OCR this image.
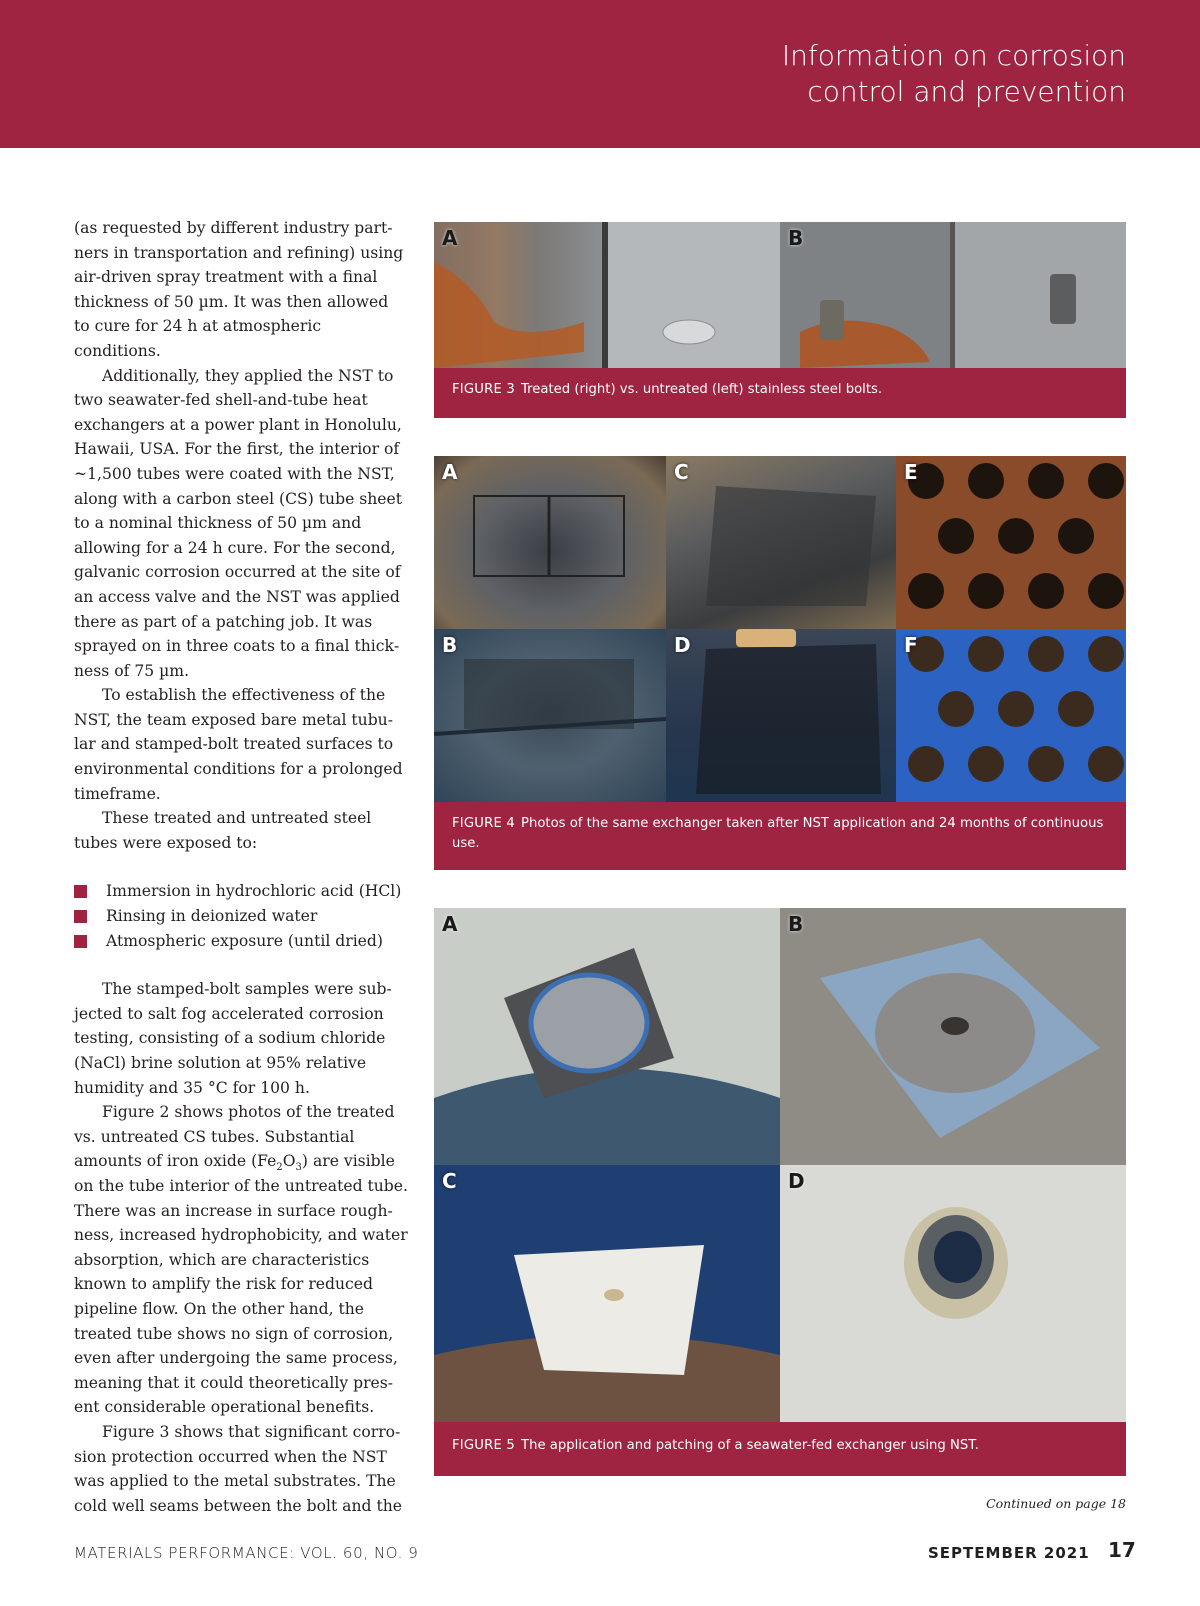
Information on corrosion
control and prevention

(as requested by different industry partners in transportation and refining) using air-driven spray treatment with a final thickness of 50 µm. It was then allowed to cure for 24 h at atmospheric conditions.

Additionally, they applied the NST to two seawater-fed shell-and-tube heat exchangers at a power plant in Honolulu, Hawaii, USA. For the first, the interior of ~1,500 tubes were coated with the NST, along with a carbon steel (CS) tube sheet to a nominal thickness of 50 µm and allowing for a 24 h cure. For the second, galvanic corrosion occurred at the site of an access valve and the NST was applied there as part of a patching job. It was sprayed on in three coats to a final thickness of 75 µm.

To establish the effectiveness of the NST, the team exposed bare metal tubular and stamped-bolt treated surfaces to environmental conditions for a prolonged timeframe.

These treated and untreated steel tubes were exposed to:

Immersion in hydrochloric acid (HCl)
Rinsing in deionized water
Atmospheric exposure (until dried)

The stamped-bolt samples were subjected to salt fog accelerated corrosion testing, consisting of a sodium chloride (NaCl) brine solution at 95% relative humidity and 35 °C for 100 h.

Figure 2 shows photos of the treated vs. untreated CS tubes. Substantial amounts of iron oxide $(Fe_2O_3)$ are visible on the tube interior of the untreated tube. There was an increase in surface roughness, increased hydrophobicity, and water absorption, which are characteristics known to amplify the risk for reduced pipeline flow. On the other hand, the treated tube shows no sign of corrosion, even after undergoing the same process, meaning that it could theoretically present considerable operational benefits.

Figure 3 shows that significant corrosion protection occurred when the NST was applied to the metal substrates. The cold well seams between the bolt and the

A	B
FIGURE 3 Treated (right) vs. untreated (left) stainless steel bolts.
A	C	E
B	D	F
FIGURE 4 Photos of the same exchanger taken after NST application and 24 months of continuous use.
A	B
C	D
FIGURE 5 The application and patching of a seawater-fed exchanger using NST.
Continued on page 18
MATERIALS PERFORMANCE: VOL. 60, NO. 9	SEPTEMBER 2021 17
